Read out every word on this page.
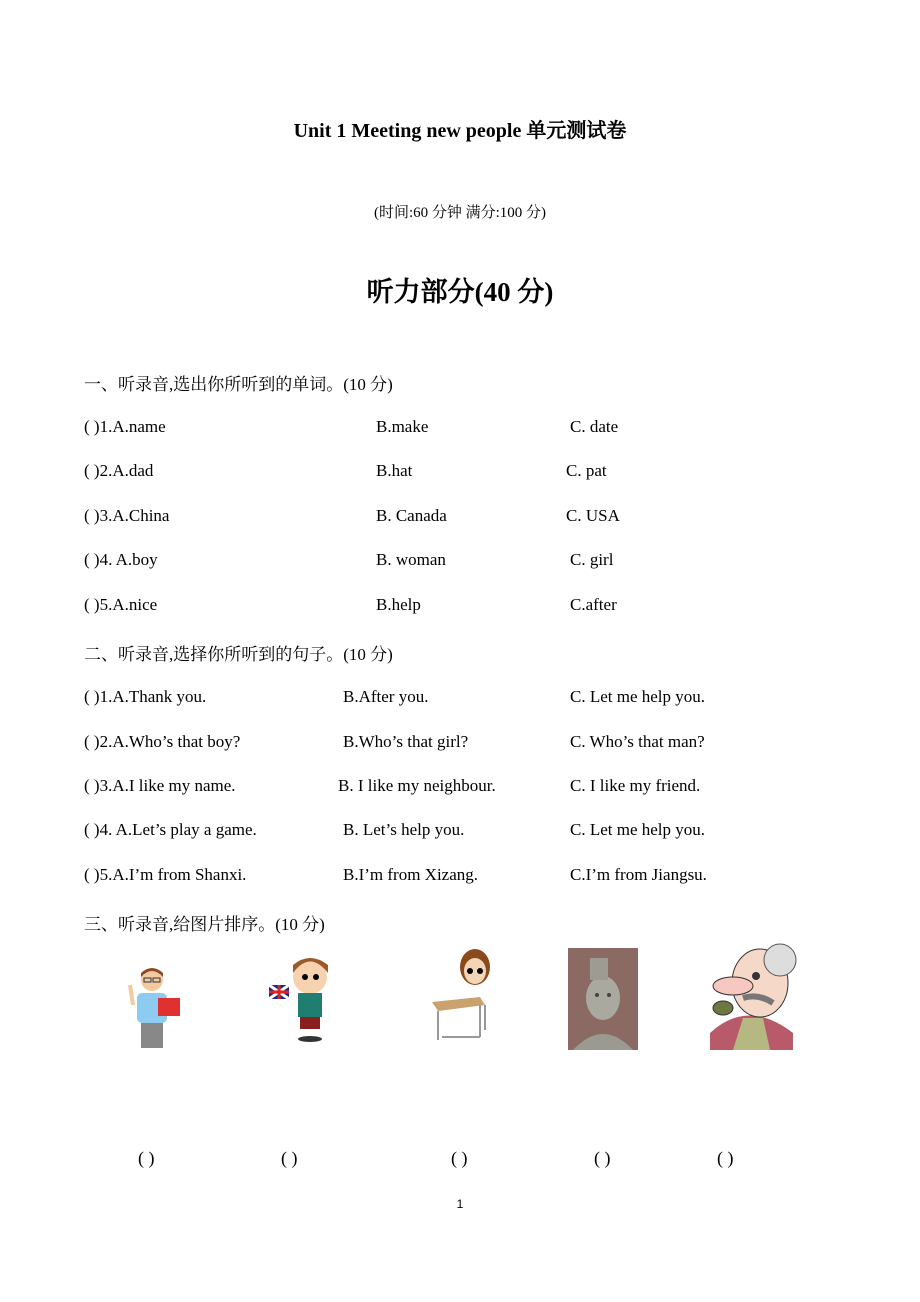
Unit 1 Meeting new people 单元测试卷
(时间:60 分钟 满分:100 分)
听力部分(40 分)
一、听录音,选出你所听到的单词。(10 分)
( )1.A.name	B.make	C. date
( )2.A.dad	B.hat	C. pat
( )3.A.China	B. Canada	C. USA
( )4. A.boy	B. woman	C. girl
( )5.A.nice	B.help	C.after
二、听录音,选择你所听到的句子。(10 分)
( )1.A.Thank you.	B.After you.	C. Let me help you.
( )2.A.Who’s that boy?	B.Who’s that girl?	C. Who’s that man?
( )3.A.I like my name.	B. I like my neighbour.	C. I like my friend.
( )4. A.Let’s play a game.	B. Let’s help you.	C. Let me help you.
( )5.A.I’m from Shanxi.	B.I’m from Xizang.	C.I’m from Jiangsu.
三、听录音,给图片排序。(10 分)
( )	( )	( )	( )	( )
1
